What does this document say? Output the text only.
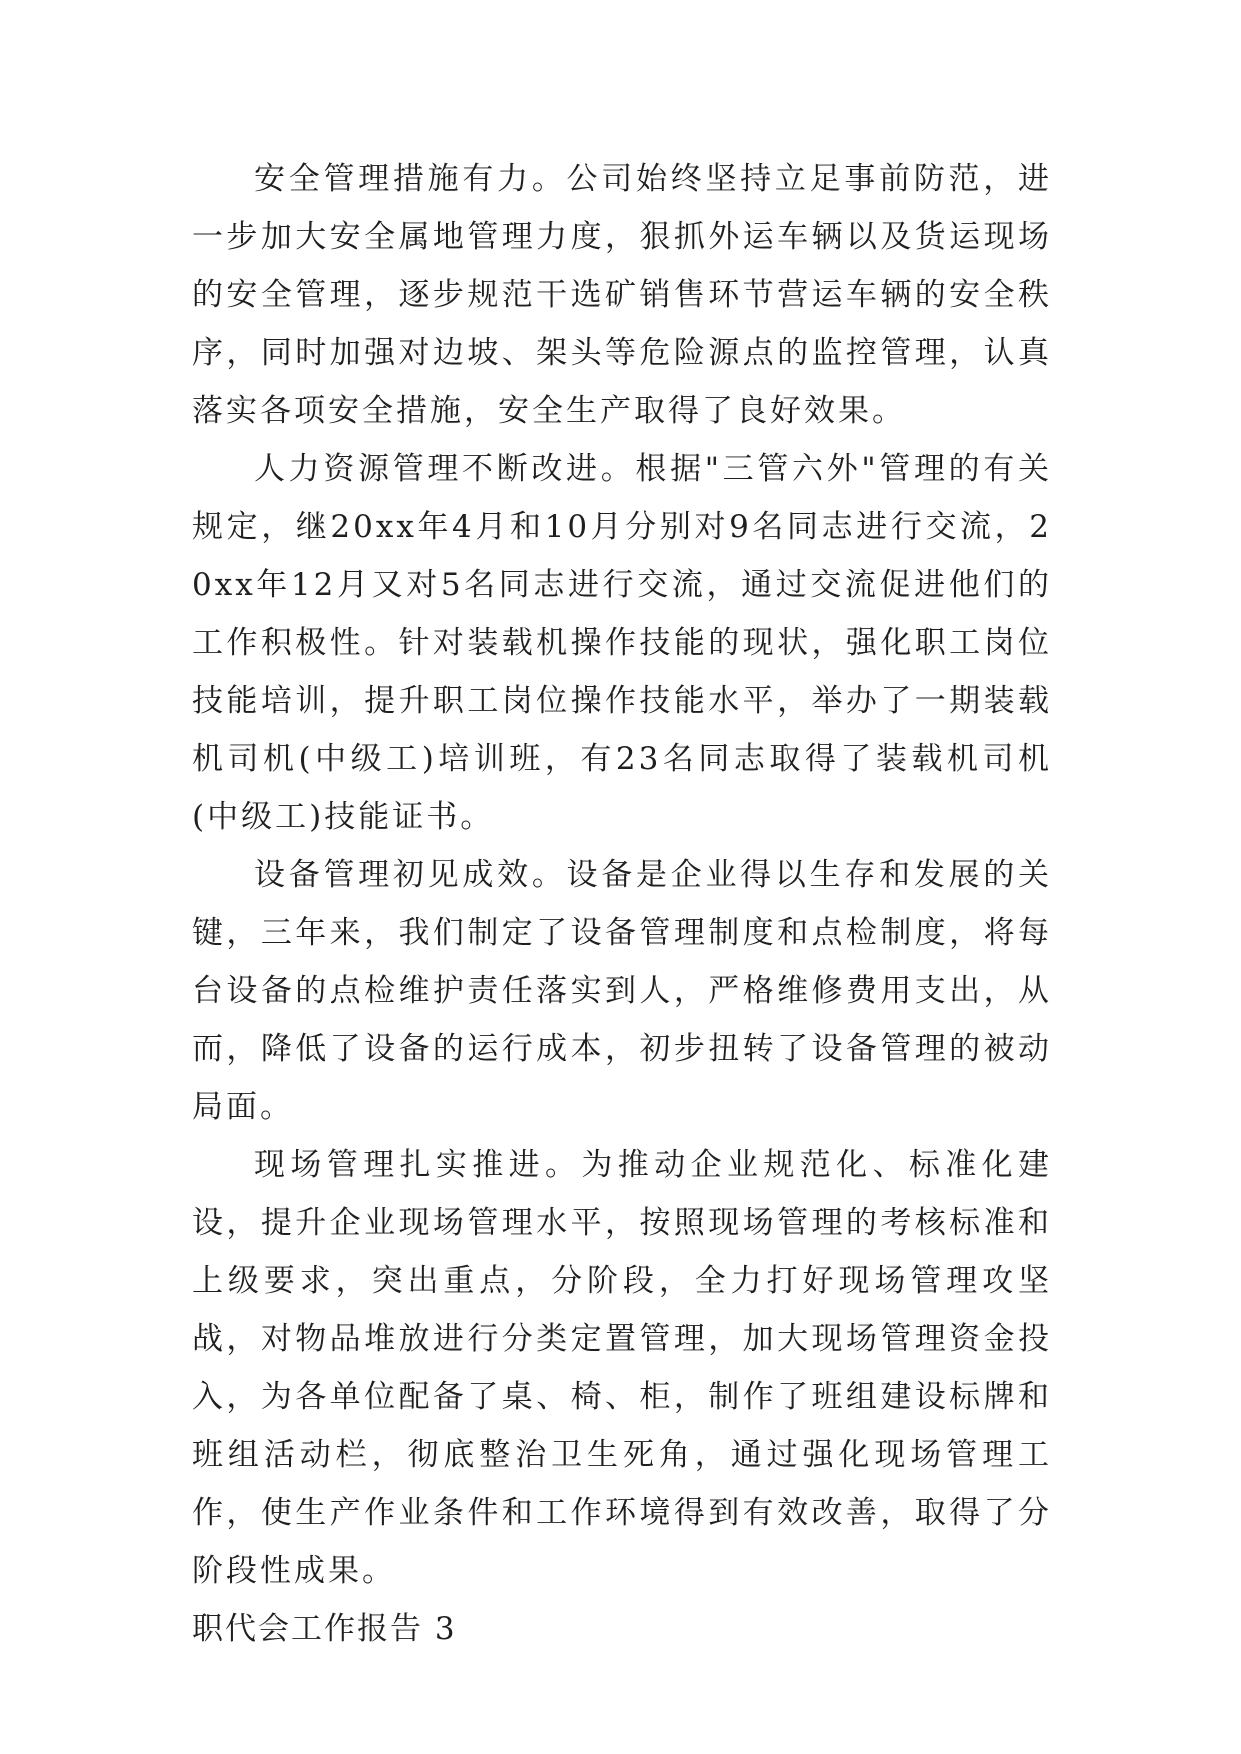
安全管理措施有力。公司始终坚持立足事前防范，进一步加大安全属地管理力度，狠抓外运车辆以及货运现场的安全管理，逐步规范干选矿销售环节营运车辆的安全秩序，同时加强对边坡、架头等危险源点的监控管理，认真落实各项安全措施，安全生产取得了良好效果。

人力资源管理不断改进。根据"三管六外"管理的有关规定，继20xx年4月和10月分别对9名同志进行交流，20xx年12月又对5名同志进行交流，通过交流促进他们的工作积极性。针对装载机操作技能的现状，强化职工岗位技能培训，提升职工岗位操作技能水平，举办了一期装载机司机(中级工)培训班，有23名同志取得了装载机司机(中级工)技能证书。

设备管理初见成效。设备是企业得以生存和发展的关键，三年来，我们制定了设备管理制度和点检制度，将每台设备的点检维护责任落实到人，严格维修费用支出，从而，降低了设备的运行成本，初步扭转了设备管理的被动局面。

现场管理扎实推进。为推动企业规范化、标准化建设，提升企业现场管理水平，按照现场管理的考核标准和上级要求，突出重点，分阶段，全力打好现场管理攻坚战，对物品堆放进行分类定置管理，加大现场管理资金投入，为各单位配备了桌、椅、柜，制作了班组建设标牌和班组活动栏，彻底整治卫生死角，通过强化现场管理工作，使生产作业条件和工作环境得到有效改善，取得了分阶段性成果。

职代会工作报告 3
